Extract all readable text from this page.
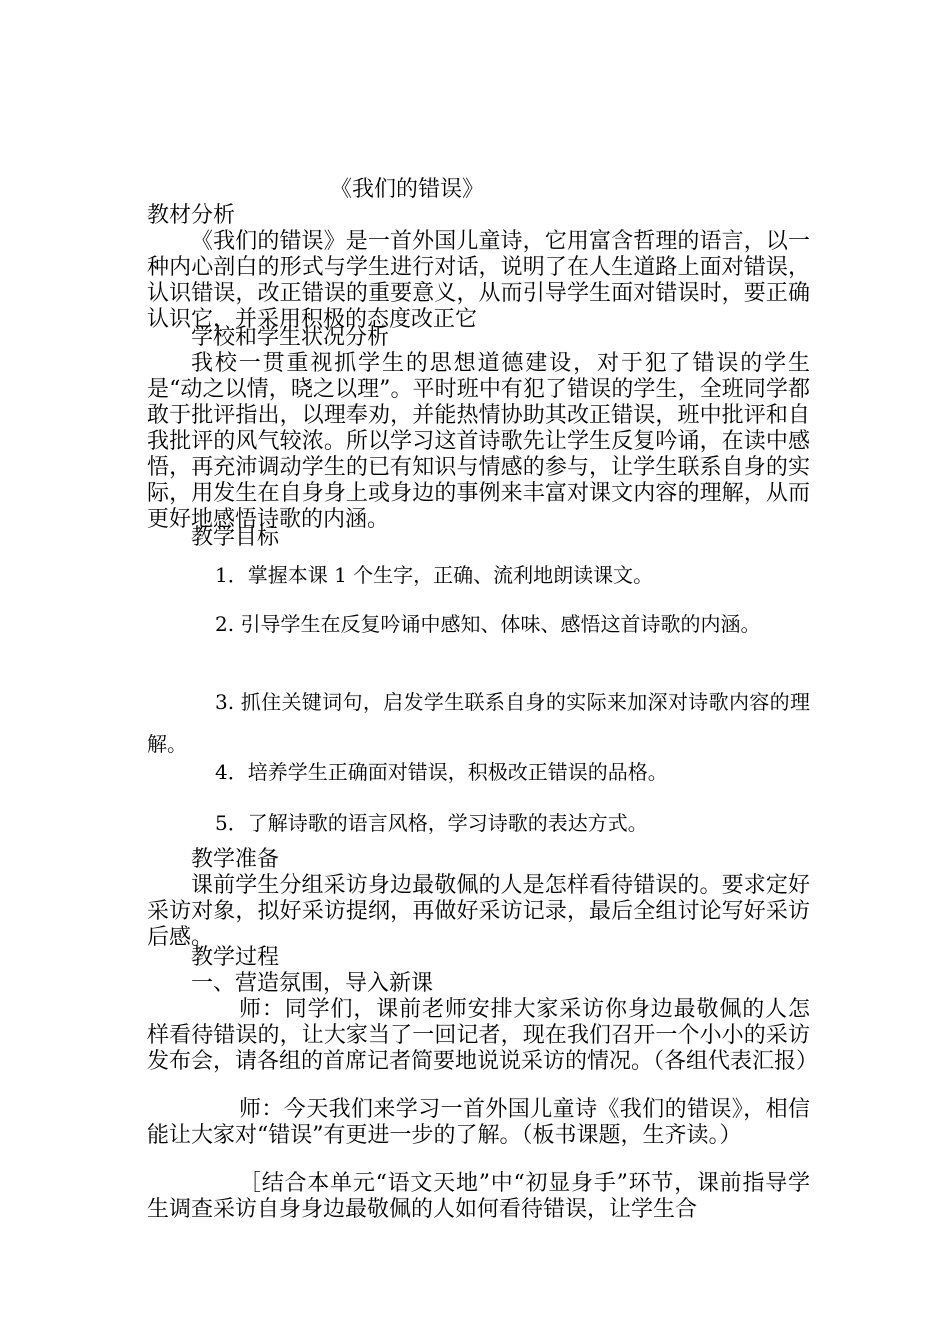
《我们的错误》
教材分析

《我们的错误》是一首外国儿童诗，它用富含哲理的语言，以一种内心剖白的形式与学生进行对话，说明了在人生道路上面对错误，认识错误，改正错误的重要意义，从而引导学生面对错误时，要正确认识它，并采用积极的态度改正它

学校和学生状况分析

我校一贯重视抓学生的思想道德建设，对于犯了错误的学生是“动之以情，晓之以理”。平时班中有犯了错误的学生，全班同学都敢于批评指出，以理奉劝，并能热情协助其改正错误，班中批评和自我批评的风气较浓。所以学习这首诗歌先让学生反复吟诵，在读中感悟，再充沛调动学生的已有知识与情感的参与，让学生联系自身的实际，用发生在自身身上或身边的事例来丰富对课文内容的理解，从而更好地感悟诗歌的内涵。

教学目标
1．掌握本课 1 个生字，正确、流利地朗读课文。
2. 引导学生在反复吟诵中感知、体味、感悟这首诗歌的内涵。
3. 抓住关键词句，启发学生联系自身的实际来加深对诗歌内容的理解。
4．培养学生正确面对错误，积极改正错误的品格。
5．了解诗歌的语言风格，学习诗歌的表达方式。
教学准备

课前学生分组采访身边最敬佩的人是怎样看待错误的。要求定好采访对象，拟好采访提纲，再做好采访记录，最后全组讨论写好采访后感。

教学过程
一、营造氛围，导入新课

师：同学们，课前老师安排大家采访你身边最敬佩的人怎样看待错误的，让大家当了一回记者，现在我们召开一个小小的采访发布会，请各组的首席记者简要地说说采访的情况。（各组代表汇报）

师：今天我们来学习一首外国儿童诗《我们的错误》，相信能让大家对“错误”有更进一步的了解。（板书课题，生齐读。）

［结合本单元“语文天地”中“初显身手”环节，课前指导学生调查采访自身身边最敬佩的人如何看待错误，让学生合
